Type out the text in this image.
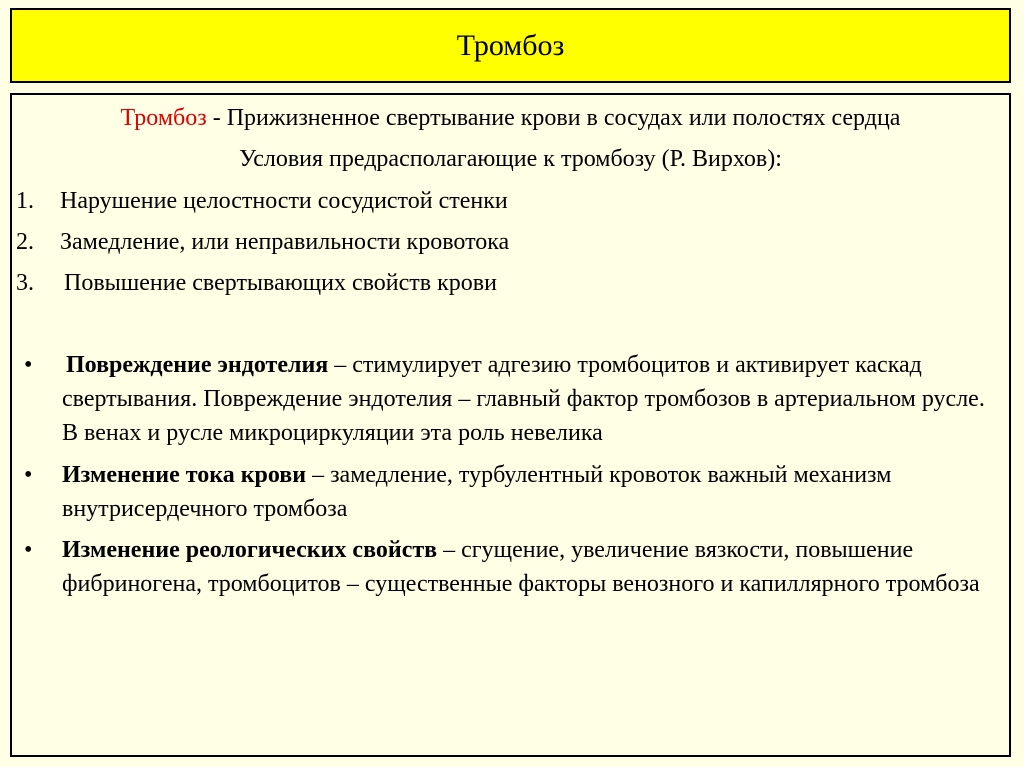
Тромбоз
Тромбоз - Прижизненное свертывание крови в сосудах или полостях сердца
Условия предрасполагающие к тромбозу (Р. Вирхов):
1. Нарушение целостности сосудистой стенки
2. Замедление, или неправильности кровотока
3. Повышение свертывающих свойств крови
• Повреждение эндотелия – стимулирует адгезию тромбоцитов и активирует каскад свертывания. Повреждение эндотелия – главный фактор тромбозов в артериальном русле. В венах и русле микроциркуляции эта роль невелика
• Изменение тока крови – замедление, турбулентный кровоток важный механизм внутрисердечного тромбоза
• Изменение реологических свойств – сгущение, увеличение вязкости, повышение фибриногена, тромбоцитов – существенные факторы венозного и капиллярного тромбоза
